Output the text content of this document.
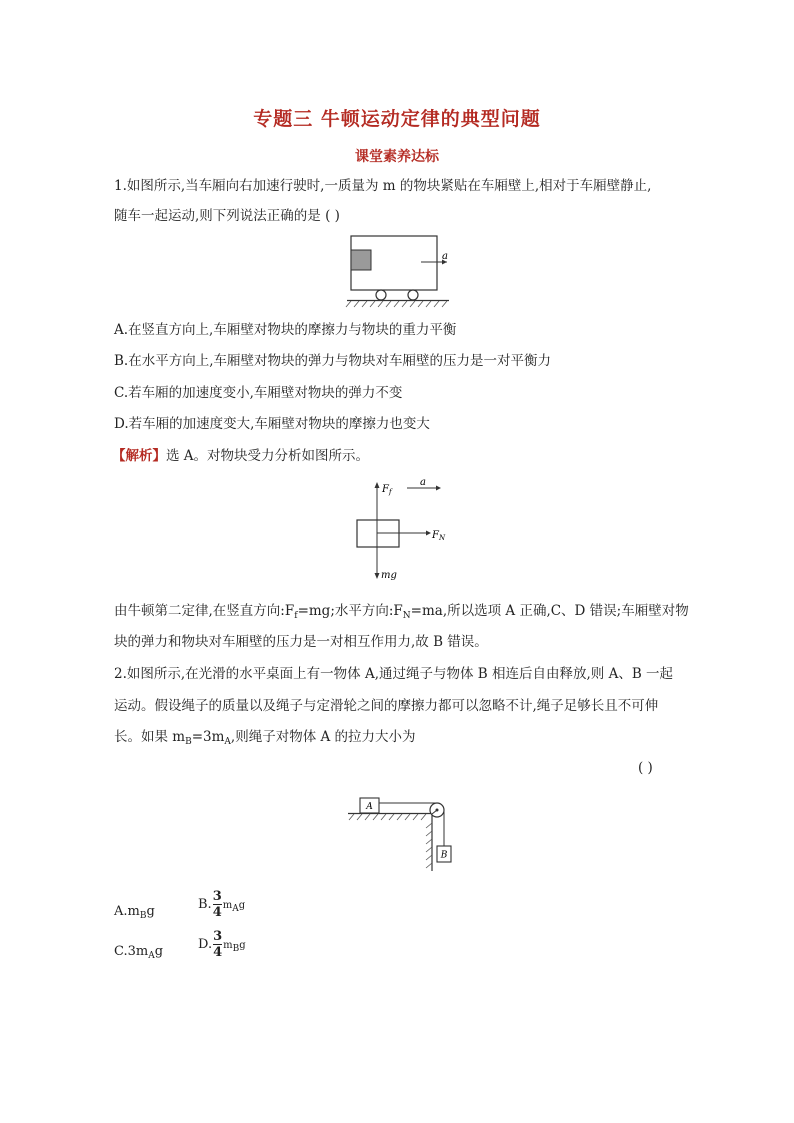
专题三 牛顿运动定律的典型问题
课堂素养达标
1.如图所示,当车厢向右加速行驶时,一质量为 m 的物块紧贴在车厢壁上,相对于车厢壁静止,
随车一起运动,则下列说法正确的是 ( )
a
A.在竖直方向上,车厢壁对物块的摩擦力与物块的重力平衡
B.在水平方向上,车厢壁对物块的弹力与物块对车厢壁的压力是一对平衡力
C.若车厢的加速度变小,车厢壁对物块的弹力不变
D.若车厢的加速度变大,车厢壁对物块的摩擦力也变大
【解析】选 A。对物块受力分析如图所示。
$F_f$
a
$F_N$
mg
由牛顿第二定律,在竖直方向$:F_f=mg$;水平方向$:F_N=ma$,所以选项 A 正确,C、D 错误;车厢壁对物
块的弹力和物块对车厢壁的压力是一对相互作用力,故 B 错误。
2.如图所示,在光滑的水平桌面上有一物体 A,通过绳子与物体 B 相连后自由释放,则 A、B 一起
运动。假设绳子的质量以及绳子与定滑轮之间的摩擦力都可以忽略不计,绳子足够长且不可伸
长。如果 $m_B=3m_A$,则绳子对物体 A 的拉力大小为
( )
A
B
$A.m_Bg$	B. $\frac{3}{4} m_Ag$
$C.3m_Ag$	D. $\frac{3}{4} m_Bg$
